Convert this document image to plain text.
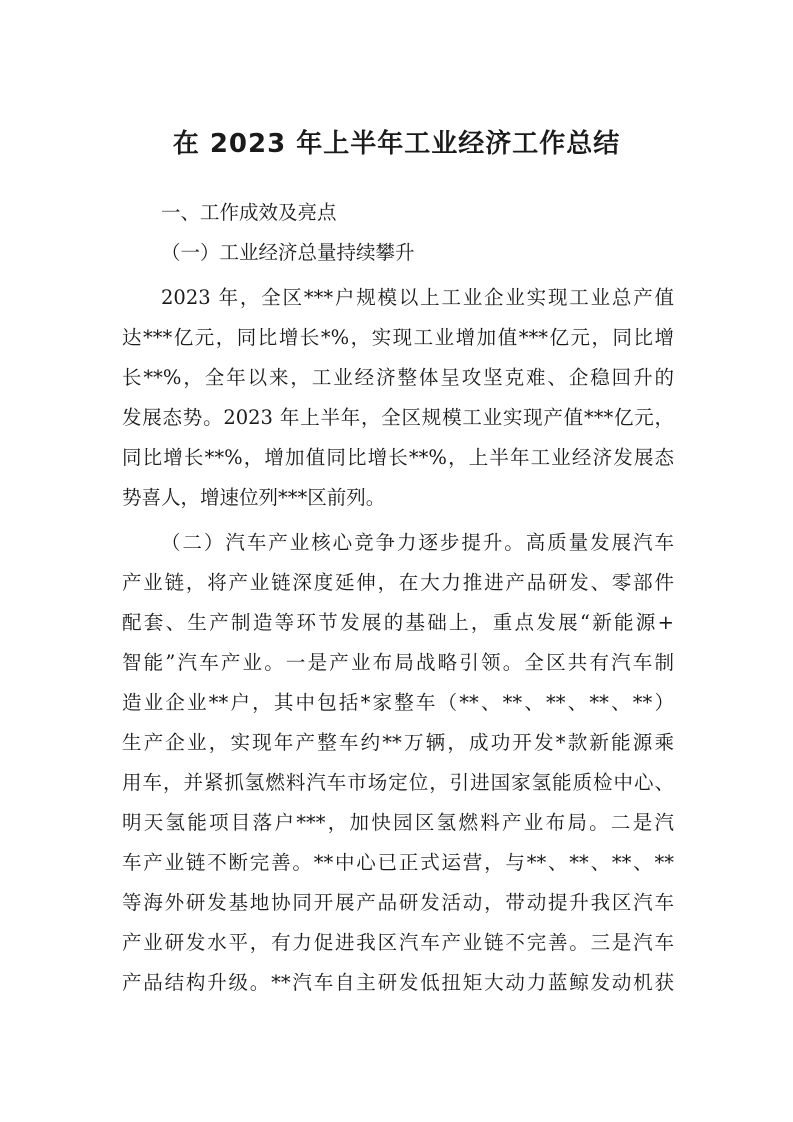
在 2023 年上半年工业经济工作总结

一、工作成效及亮点

（一）工业经济总量持续攀升

2023 年，全区***户规模以上工业企业实现工业总产值

达***亿元，同比增长*%，实现工业增加值***亿元，同比增

长**%，全年以来，工业经济整体呈攻坚克难、企稳回升的

发展态势。2023 年上半年，全区规模工业实现产值***亿元，

同比增长**%，增加值同比增长**%，上半年工业经济发展态

势喜人，增速位列***区前列。

（二）汽车产业核心竞争力逐步提升。高质量发展汽车

产业链，将产业链深度延伸，在大力推进产品研发、零部件

配套、生产制造等环节发展的基础上，重点发展“新能源+

智能”汽车产业。一是产业布局战略引领。全区共有汽车制

造业企业**户，其中包括*家整车（**、**、**、**、**）

生产企业，实现年产整车约**万辆，成功开发*款新能源乘

用车，并紧抓氢燃料汽车市场定位，引进国家氢能质检中心、

明天氢能项目落户***，加快园区氢燃料产业布局。二是汽

车产业链不断完善。**中心已正式运营，与**、**、**、**

等海外研发基地协同开展产品研发活动，带动提升我区汽车

产业研发水平，有力促进我区汽车产业链不完善。三是汽车

产品结构升级。**汽车自主研发低扭矩大动力蓝鲸发动机获
